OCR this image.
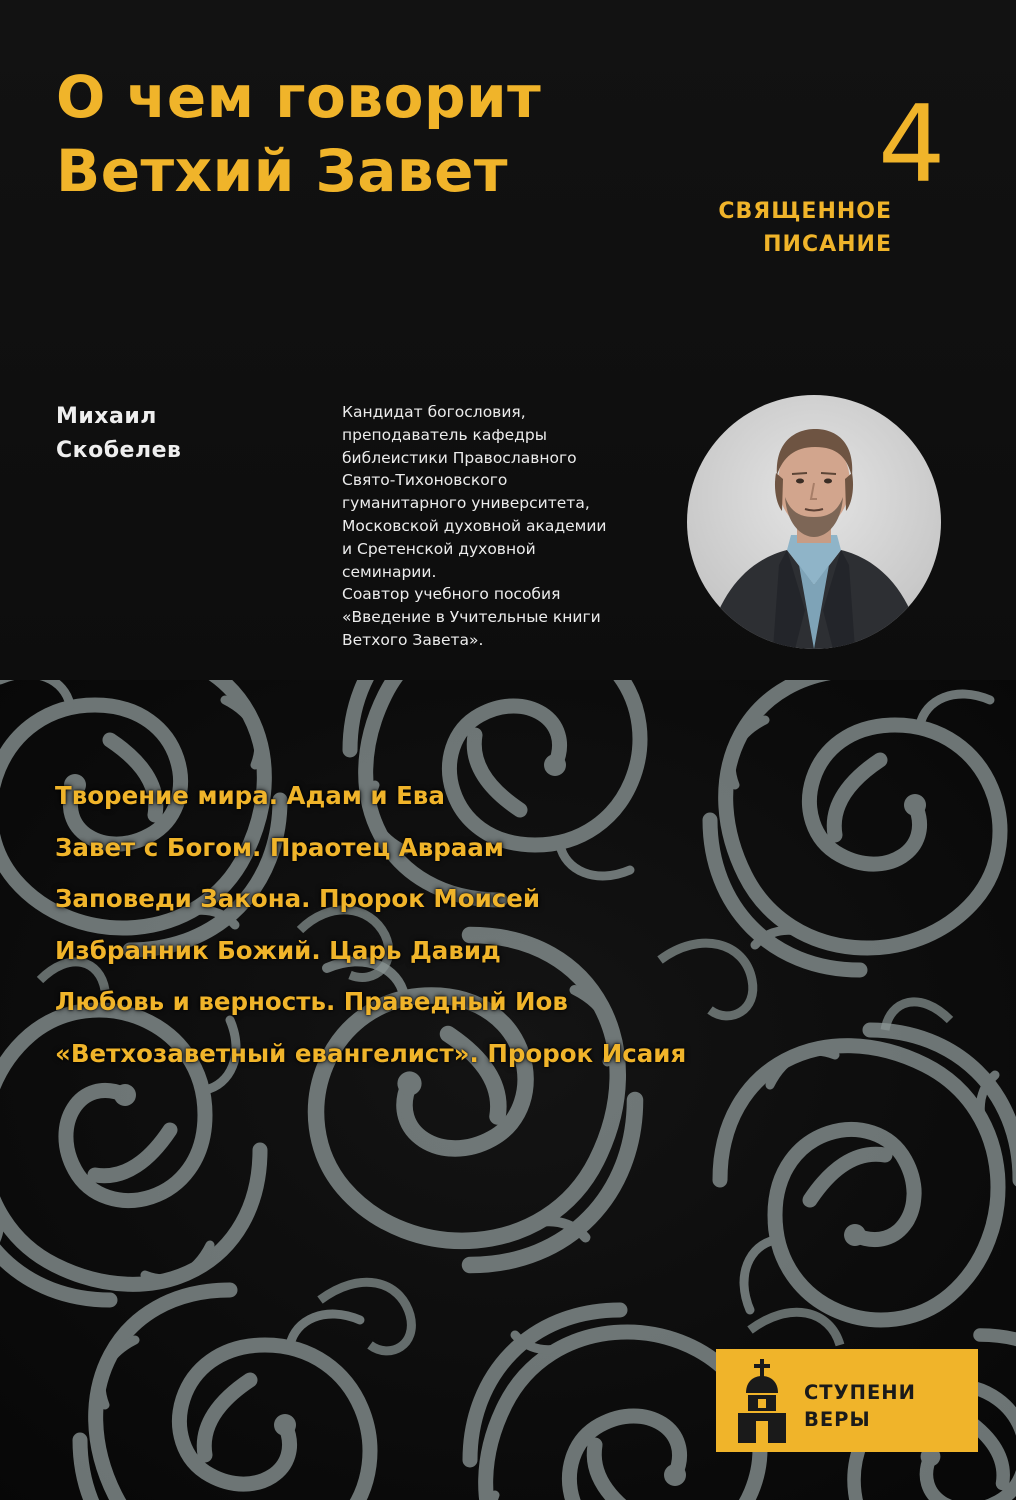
О чем говорит
Ветхий Завет	4
СВЯЩЕННОЕ
ПИСАНИЕ
Михаил
Скобелев
Кандидат богословия,
преподаватель кафедры
библеистики Православного
Свято-Тихоновского
гуманитарного университета,
Московской духовной академии
и Сретенской духовной
семинарии.
Соавтор учебного пособия
«Введение в Учительные книги
Ветхого Завета».
Творение мира. Адам и Ева
Завет с Богом. Праотец Авраам
Заповеди Закона. Пророк Моисей
Избранник Божий. Царь Давид
Любовь и верность. Праведный Иов
«Ветхозаветный евангелист». Пророк Исаия
СТУПЕНИ
ВЕРЫ
